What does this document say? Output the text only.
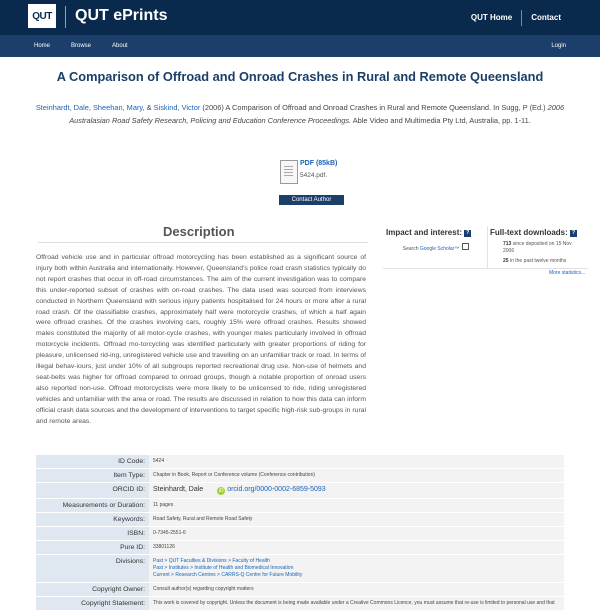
QUT QUT ePrints	QUT Home	Contact
Home	Browse	About	Login
A Comparison of Offroad and Onroad Crashes in Rural and Remote Queensland
Steinhardt, Dale, Sheehan, Mary, & Siskind, Victor (2006) A Comparison of Offroad and Onroad Crashes in Rural and Remote Queensland. In Sugg, P (Ed.) 2006 Australasian Road Safety Research, Policing and Education Conference Proceedings. Able Video and Multimedia Pty Ltd, Australia, pp. 1-11.
PDF (85kB)
5424.pdf.
Contact Author
Description
Offroad vehicle use and in particular offroad motorcycling has been established as a significant source of injury both within Australia and internationally. However, Queensland's police road crash statistics typically do not report crashes that occur in off-road circumstances. The aim of the current investigation was to compare this under-reported subset of crashes with on-road crashes. The data used was sourced from interviews conducted in Northern Queensland with serious injury patients hospitalised for 24 hours or more after a rural road crash. Of the classifiable crashes, approximately half were motorcycle crashes, of which a half again were offroad crashes. Of the crashes involving cars, roughly 15% were offroad crashes. Results showed males constituted the majority of all motor-cycle crashes, with younger males particularly involved in offroad motorcycle incidents. Offroad mo-torcycling was identified particularly with greater proportions of riding for pleasure, unlicensed rid-ing, unregistered vehicle use and travelling on an unfamiliar track or road. In terms of illegal behav-iours, just under 10% of all subgroups reported recreational drug use. Non-use of helmets and seat-belts was higher for offroad compared to onroad groups, though a notable proportion of onroad users also reported non-use. Offroad motorcyclists were more likely to be unlicensed to ride, riding unregistered vehicles and unfamiliar with the area or road. The results are discussed in relation to how this data can inform official crash data sources and the development of interventions to target specific high-risk sub-groups in rural and remote areas.
Impact and interest: ?
Search Google Scholar™
Full-text downloads: ?
713 since deposited on 15 Nov 2006
25 in the past twelve months
More statistics...
ID Code:	5424
Item Type:	Chapter in Book, Report or Conference volume (Conference contribution)
ORCID ID:	Steinhardt, Dale iD orcid.org/0000-0002-6859-5093
Measurements or Duration:	11 pages
Keywords:	Road Safety, Rural and Remote Road Safety
ISBN:	0-7345-2551-6
Pure ID:	33801126
Divisions:	Past > QUT Faculties & Divisions > Faculty of Health
Past > Institutes > Institute of Health and Biomedical Innovation
Current > Research Centres > CARRS-Q Centre for Future Mobility

Copyright Owner:	Consult author(s) regarding copyright matters
Copyright Statement:	This work is covered by copyright. Unless the document is being made available under a Creative Commons Licence, you must assume that re-use is limited to personal use and that
